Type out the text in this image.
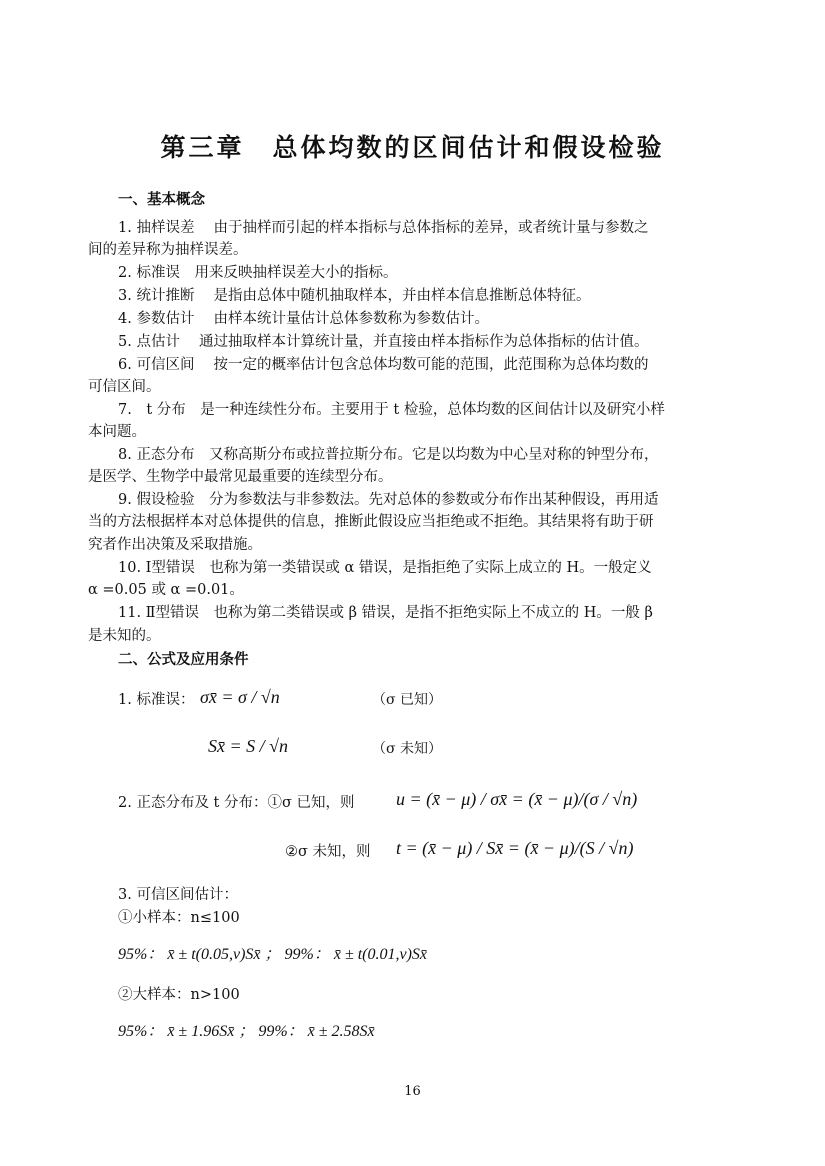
第三章　总体均数的区间估计和假设检验
一、基本概念
1. 抽样误差　 由于抽样而引起的样本指标与总体指标的差异，或者统计量与参数之
间的差异称为抽样误差。
2. 标准误　用来反映抽样误差大小的指标。
3. 统计推断　 是指由总体中随机抽取样本，并由样本信息推断总体特征。
4. 参数估计　 由样本统计量估计总体参数称为参数估计。
5. 点估计　 通过抽取样本计算统计量，并直接由样本指标作为总体指标的估计值。
6. 可信区间　 按一定的概率估计包含总体均数可能的范围，此范围称为总体均数的
可信区间。
7.　t 分布　是一种连续性分布。主要用于 t 检验，总体均数的区间估计以及研究小样
本问题。
8. 正态分布　又称高斯分布或拉普拉斯分布。它是以均数为中心呈对称的钟型分布，
是医学、生物学中最常见最重要的连续型分布。
9. 假设检验　分为参数法与非参数法。先对总体的参数或分布作出某种假设，再用适
当的方法根据样本对总体提供的信息，推断此假设应当拒绝或不拒绝。其结果将有助于研
究者作出决策及采取措施。
10. Ⅰ型错误　也称为第一类错误或 α 错误，是指拒绝了实际上成立的 H。一般定义
α =0.05 或 α =0.01。
11. Ⅱ型错误　也称为第二类错误或 β 错误，是指不拒绝实际上不成立的 H。一般 β
是未知的。
二、公式及应用条件
1. 标准误： σx̄ = σ / √n	（σ 已知）
Sx̄ = S / √n	（σ 未知）
2. 正态分布及 t 分布：①σ 已知，则 u = (x̄ − μ) / σx̄ = (x̄ − μ)/(σ / √n)
②σ 未知，则 t = (x̄ − μ) / Sx̄ = (x̄ − μ)/(S / √n)
3. 可信区间估计：
①小样本：n≤100
95%： x̄ ± t(0.05,ν)Sx̄ ； 99%： x̄ ± t(0.01,ν)Sx̄
②大样本：n>100
95%： x̄ ± 1.96Sx̄ ； 99%： x̄ ± 2.58Sx̄
16
